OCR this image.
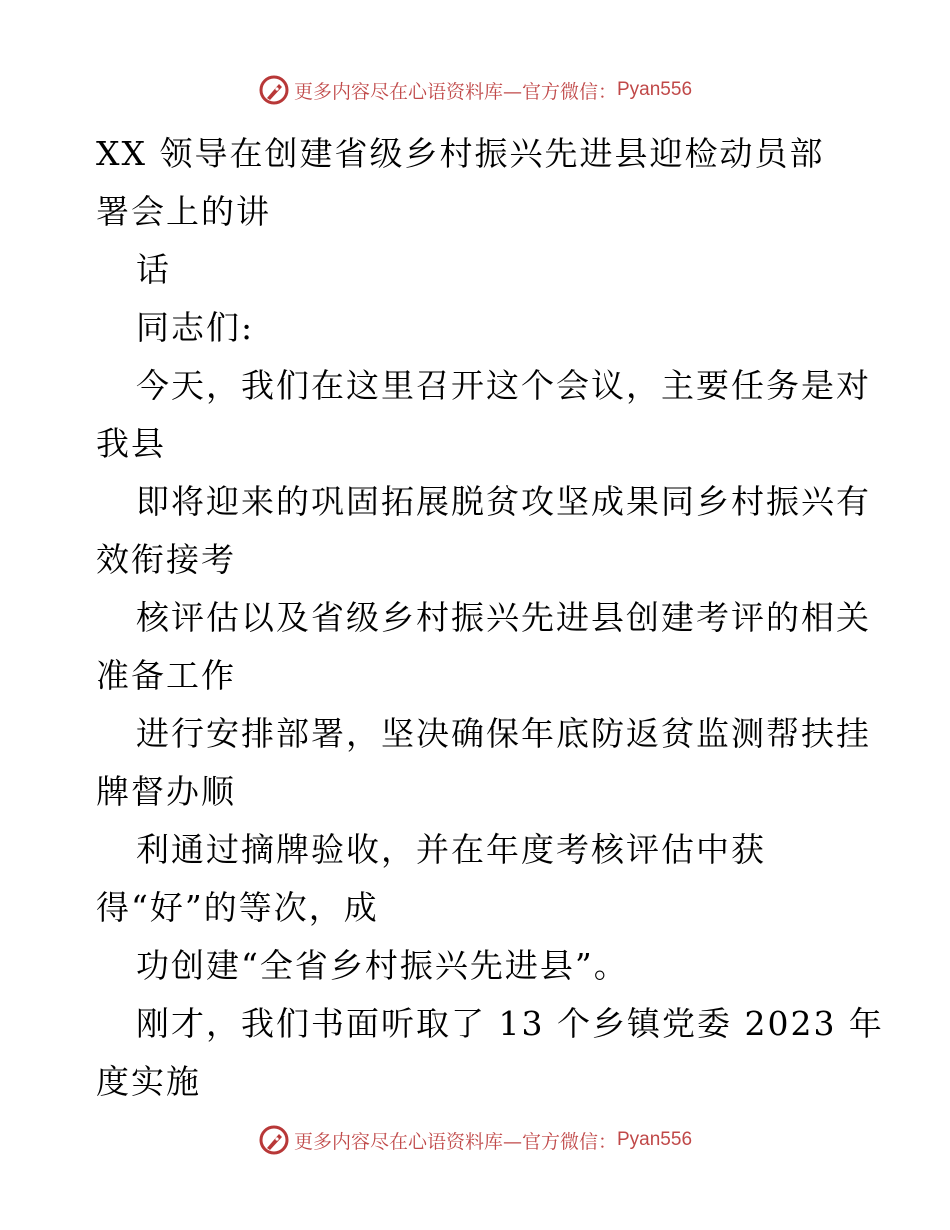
更多内容尽在心语资料库—官方微信： Pyan556
XX 领导在创建省级乡村振兴先进县迎检动员部
署会上的讲
话
同志们:
今天，我们在这里召开这个会议，主要任务是对
我县
即将迎来的巩固拓展脱贫攻坚成果同乡村振兴有
效衔接考
核评估以及省级乡村振兴先进县创建考评的相关
准备工作
进行安排部署，坚决确保年底防返贫监测帮扶挂
牌督办顺
利通过摘牌验收，并在年度考核评估中获
得“好”的等次，成
功创建“全省乡村振兴先进县”。
刚才，我们书面听取了 13 个乡镇党委 2023 年
度实施
更多内容尽在心语资料库—官方微信： Pyan556
